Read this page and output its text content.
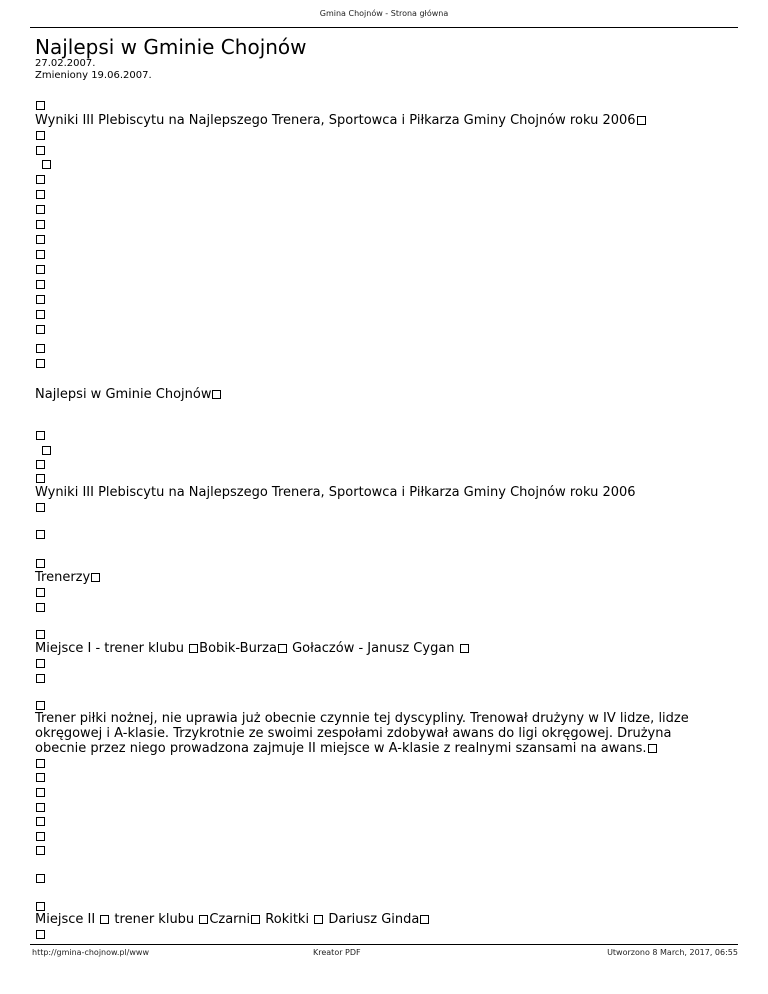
Gmina Chojnów - Strona główna
Najlepsi w Gminie Chojnów
27.02.2007.
Zmieniony 19.06.2007.
Wyniki III Plebiscytu na Najlepszego Trenera, Sportowca i Piłkarza Gminy Chojnów roku 2006
Najlepsi w Gminie Chojnów
Wyniki III Plebiscytu na Najlepszego Trenera, Sportowca i Piłkarza Gminy Chojnów roku 2006
Trenerzy
Miejsce I - trener klubu Bobik-Burza Gołaczów - Janusz Cygan
Trener piłki nożnej, nie uprawia już obecnie czynnie tej dyscypliny. Trenował drużyny w IV lidze, lidze okręgowej i A-klasie. Trzykrotnie ze swoimi zespołami zdobywał awans do ligi okręgowej. Drużyna obecnie przez niego prowadzona zajmuje II miejsce w A-klasie z realnymi szansami na awans.
Miejsce II  trener klubu Czarni Rokitki  Dariusz Ginda
http://gmina-chojnow.pl/www	Kreator PDF	Utworzono 8 March, 2017, 06:55
